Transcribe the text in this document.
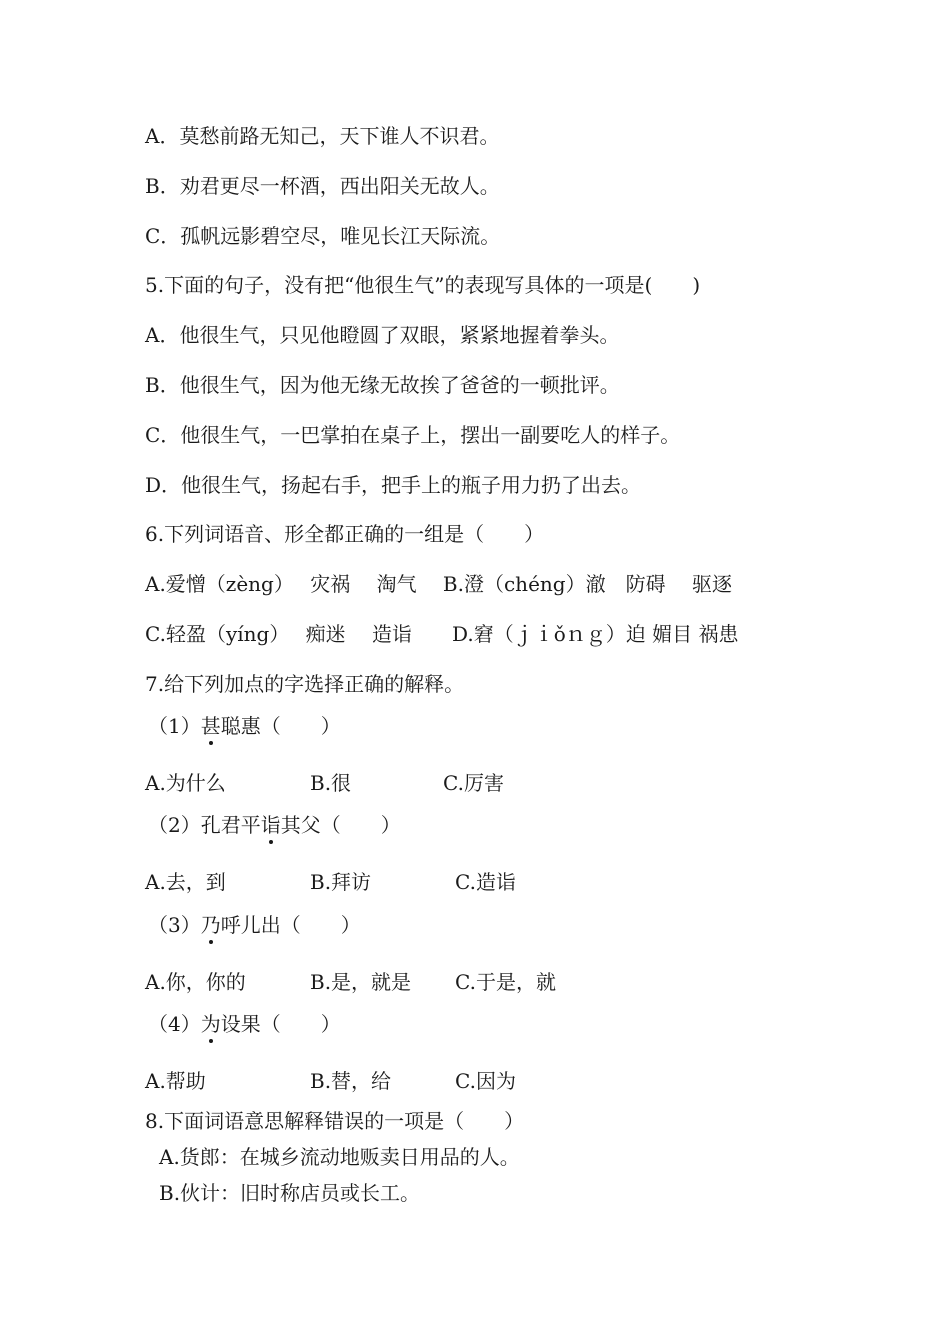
A．莫愁前路无知己，天下谁人不识君。
B．劝君更尽一杯酒，西出阳关无故人。
C．孤帆远影碧空尽，唯见长江天际流。
5.下面的句子，没有把“他很生气”的表现写具体的一项是(　　)
A．他很生气，只见他瞪圆了双眼，紧紧地握着拳头。
B．他很生气，因为他无缘无故挨了爸爸的一顿批评。
C．他很生气，一巴掌拍在桌子上，摆出一副要吃人的样子。
D．他很生气，扬起右手，把手上的瓶子用力扔了出去。
6.下列词语音、形全都正确的一组是（　　）
A.爱憎（zèng）　 灾祸　 淘气　 B.澄（chéng）澈　防碍　 驱逐
C.轻盈（yíng）　 痴迷　 造诣　　D.窘（ｊｉǒｎｇ）迫 媚目 祸患
7.给下列加点的字选择正确的解释。
（1）甚聪惠（　　）
A.为什么	B.很	C.厉害
（2）孔君平诣其父（　　）
A.去，到	B.拜访	C.造诣
（3）乃呼儿出（　　）
A.你，你的	B.是，就是 C.于是，就
（4）为设果（　　）
A.帮助	B.替，给	C.因为
8.下面词语意思解释错误的一项是（　　）
A.货郎：在城乡流动地贩卖日用品的人。
B.伙计：旧时称店员或长工。
